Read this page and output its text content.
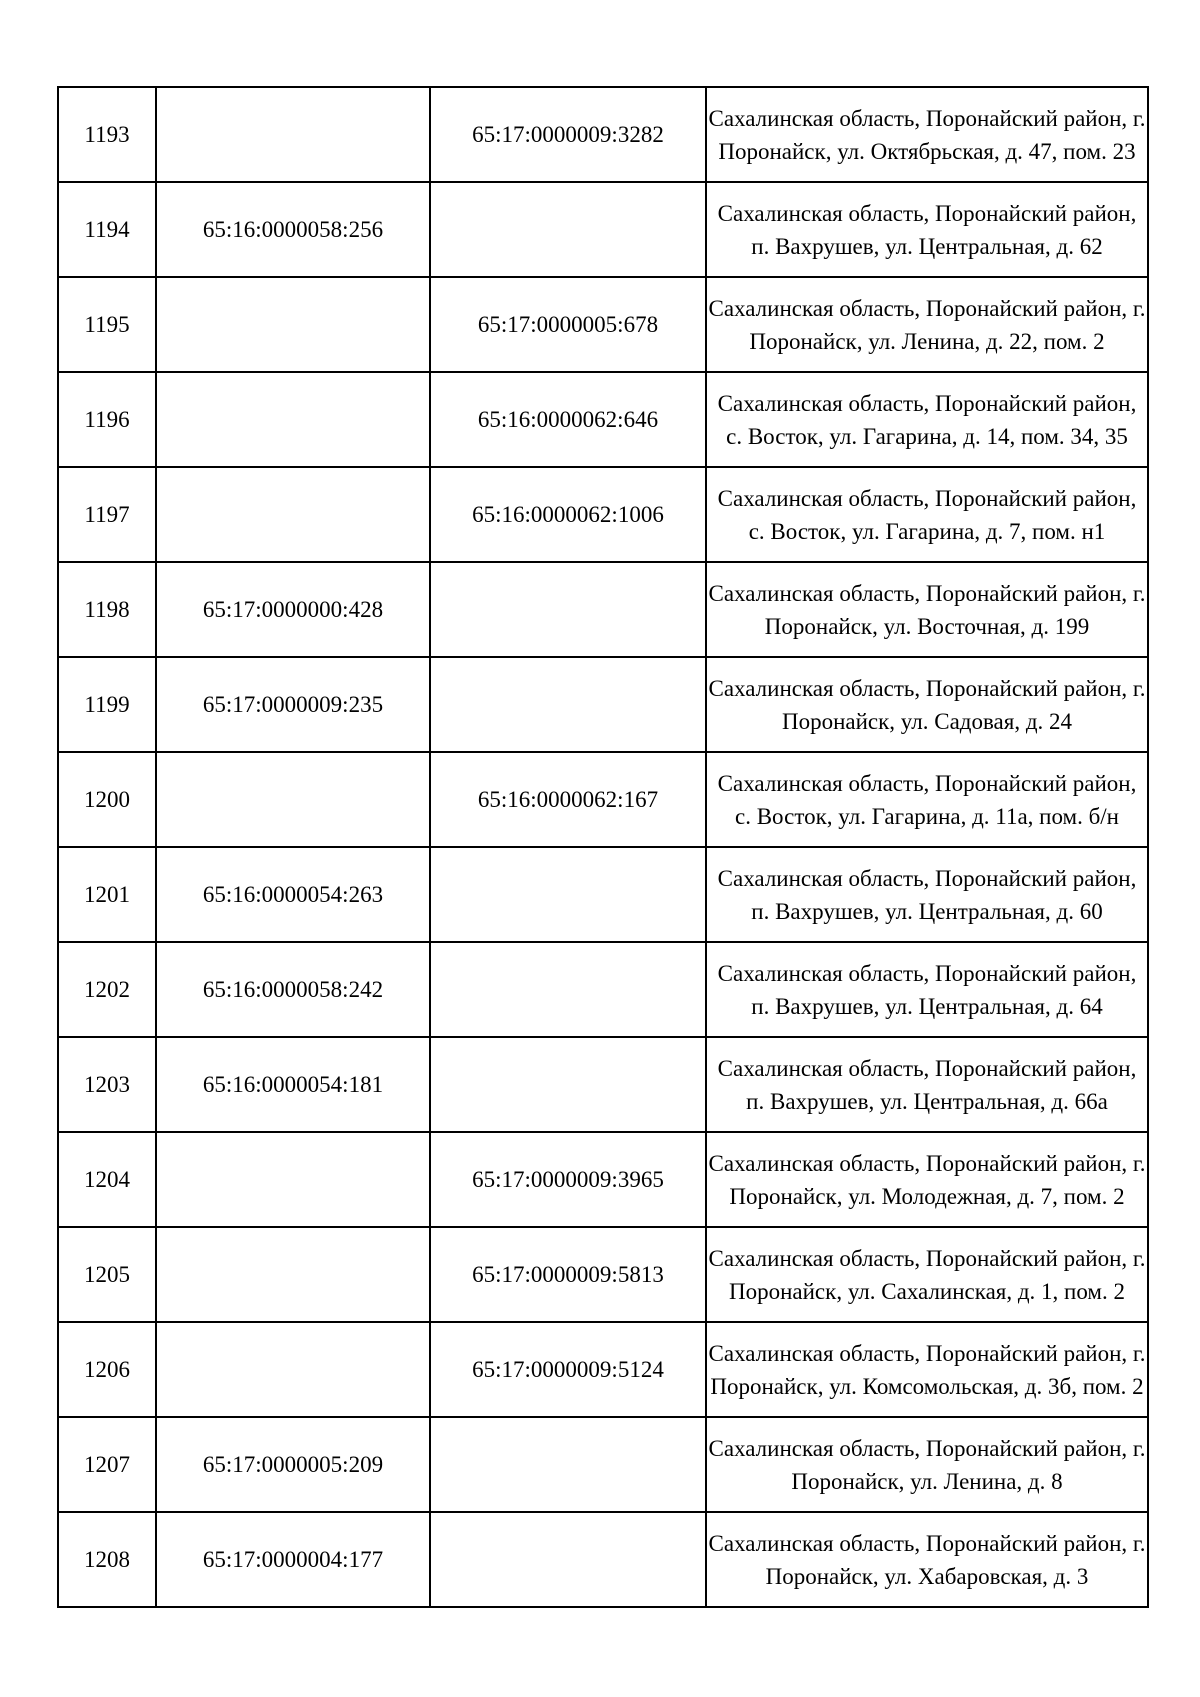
1193		65:17:0000009:3282	Сахалинская область, Поронайский район, г. Поронайск, ул. Октябрьская, д. 47, пом. 23
1194	65:16:0000058:256		Сахалинская область, Поронайский район, п. Вахрушев, ул. Центральная, д. 62
1195		65:17:0000005:678	Сахалинская область, Поронайский район, г. Поронайск, ул. Ленина, д. 22, пом. 2
1196		65:16:0000062:646	Сахалинская область, Поронайский район, с. Восток, ул. Гагарина, д. 14, пом. 34, 35
1197		65:16:0000062:1006	Сахалинская область, Поронайский район, с. Восток, ул. Гагарина, д. 7, пом. н1
1198	65:17:0000000:428		Сахалинская область, Поронайский район, г. Поронайск, ул. Восточная, д. 199
1199	65:17:0000009:235		Сахалинская область, Поронайский район, г. Поронайск, ул. Садовая, д. 24
1200		65:16:0000062:167	Сахалинская область, Поронайский район, с. Восток, ул. Гагарина, д. 11а, пом. б/н
1201	65:16:0000054:263		Сахалинская область, Поронайский район, п. Вахрушев, ул. Центральная, д. 60
1202	65:16:0000058:242		Сахалинская область, Поронайский район, п. Вахрушев, ул. Центральная, д. 64
1203	65:16:0000054:181		Сахалинская область, Поронайский район, п. Вахрушев, ул. Центральная, д. 66а
1204		65:17:0000009:3965	Сахалинская область, Поронайский район, г. Поронайск, ул. Молодежная, д. 7, пом. 2
1205		65:17:0000009:5813	Сахалинская область, Поронайский район, г. Поронайск, ул. Сахалинская, д. 1, пом. 2
1206		65:17:0000009:5124	Сахалинская область, Поронайский район, г. Поронайск, ул. Комсомольская, д. 3б, пом. 2
1207	65:17:0000005:209		Сахалинская область, Поронайский район, г. Поронайск, ул. Ленина, д. 8
1208	65:17:0000004:177		Сахалинская область, Поронайский район, г. Поронайск, ул. Хабаровская, д. 3
